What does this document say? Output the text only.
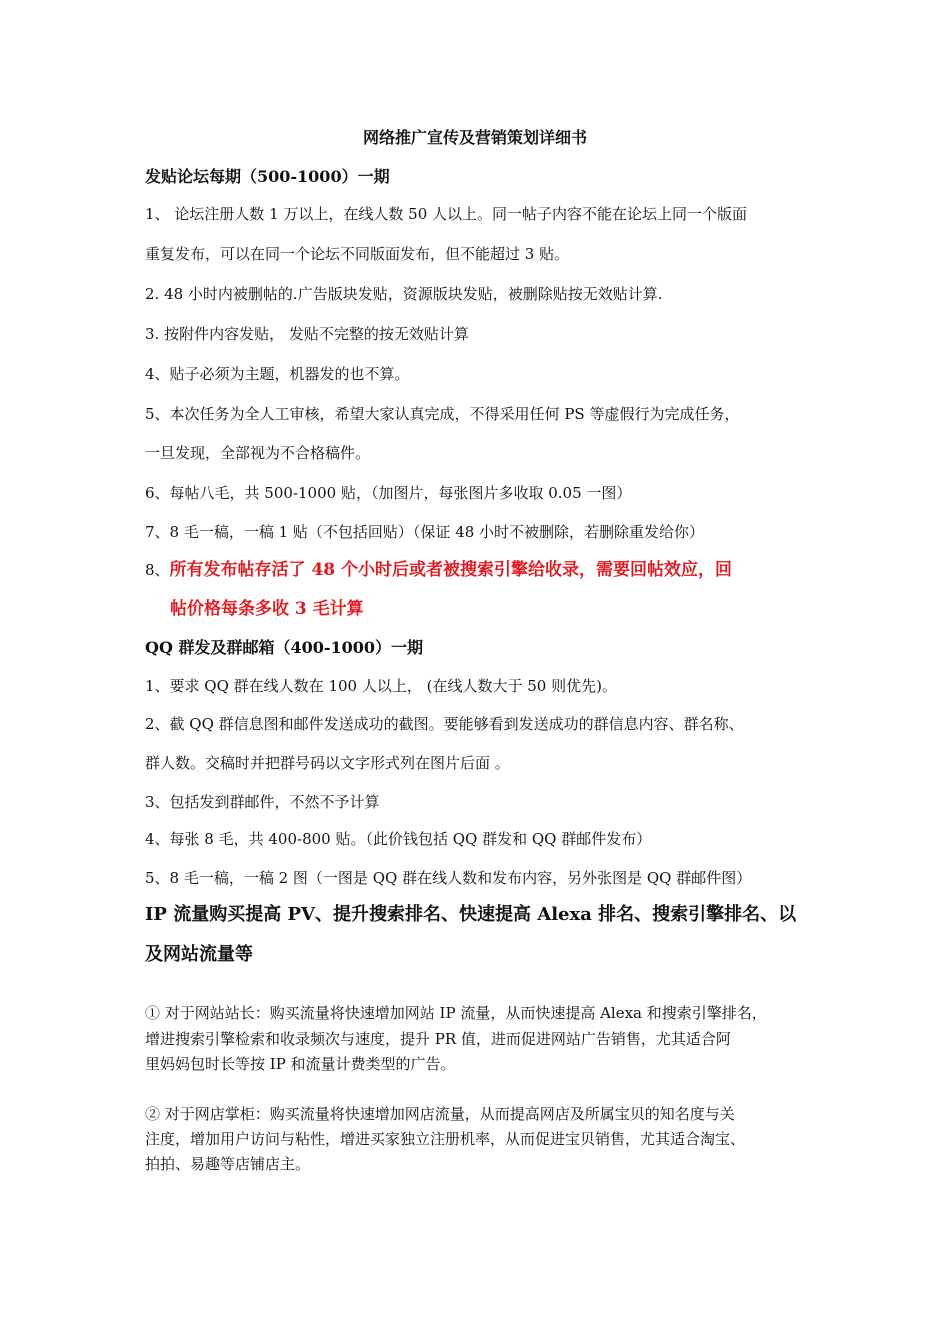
网络推广宣传及营销策划详细书
发贴论坛每期（500-1000）一期
1、 论坛注册人数 1 万以上，在线人数 50 人以上。同一帖子内容不能在论坛上同一个版面
重复发布，可以在同一个论坛不同版面发布，但不能超过 3 贴。
2. 48 小时内被删帖的.广告版块发贴，资源版块发贴，被删除贴按无效贴计算.
3. 按附件内容发贴， 发贴不完整的按无效贴计算
4、贴子必须为主题，机器发的也不算。
5、本次任务为全人工审核，希望大家认真完成，不得采用任何 PS 等虚假行为完成任务，
一旦发现，全部视为不合格稿件。
6、每帖八毛，共 500-1000 贴，（加图片，每张图片多收取 0.05 一图）
7、8 毛一稿，一稿 1 贴（不包括回贴）（保证 48 小时不被删除，若删除重发给你）
8、所有发布帖存活了 48 个小时后或者被搜索引擎给收录，需要回帖效应，回
帖价格每条多收 3 毛计算
QQ 群发及群邮箱（400-1000）一期
1、要求 QQ 群在线人数在 100 人以上， (在线人数大于 50 则优先)。
2、截 QQ 群信息图和邮件发送成功的截图。要能够看到发送成功的群信息内容、群名称、
群人数。交稿时并把群号码以文字形式列在图片后面 。
3、包括发到群邮件，不然不予计算
4、每张 8 毛，共 400-800 贴。（此价钱包括 QQ 群发和 QQ 群邮件发布）
5、8 毛一稿，一稿 2 图（一图是 QQ 群在线人数和发布内容，另外张图是 QQ 群邮件图）
IP 流量购买提高 PV、提升搜索排名、快速提高 Alexa 排名、搜索引擎排名、以
及网站流量等
① 对于网站站长：购买流量将快速增加网站 IP 流量，从而快速提高 Alexa 和搜索引擎排名，
增进搜索引擎检索和收录频次与速度，提升 PR 值，进而促进网站广告销售，尤其适合阿
里妈妈包时长等按 IP 和流量计费类型的广告。
② 对于网店掌柜：购买流量将快速增加网店流量，从而提高网店及所属宝贝的知名度与关
注度，增加用户访问与粘性，增进买家独立注册机率，从而促进宝贝销售，尤其适合淘宝、
拍拍、易趣等店铺店主。
